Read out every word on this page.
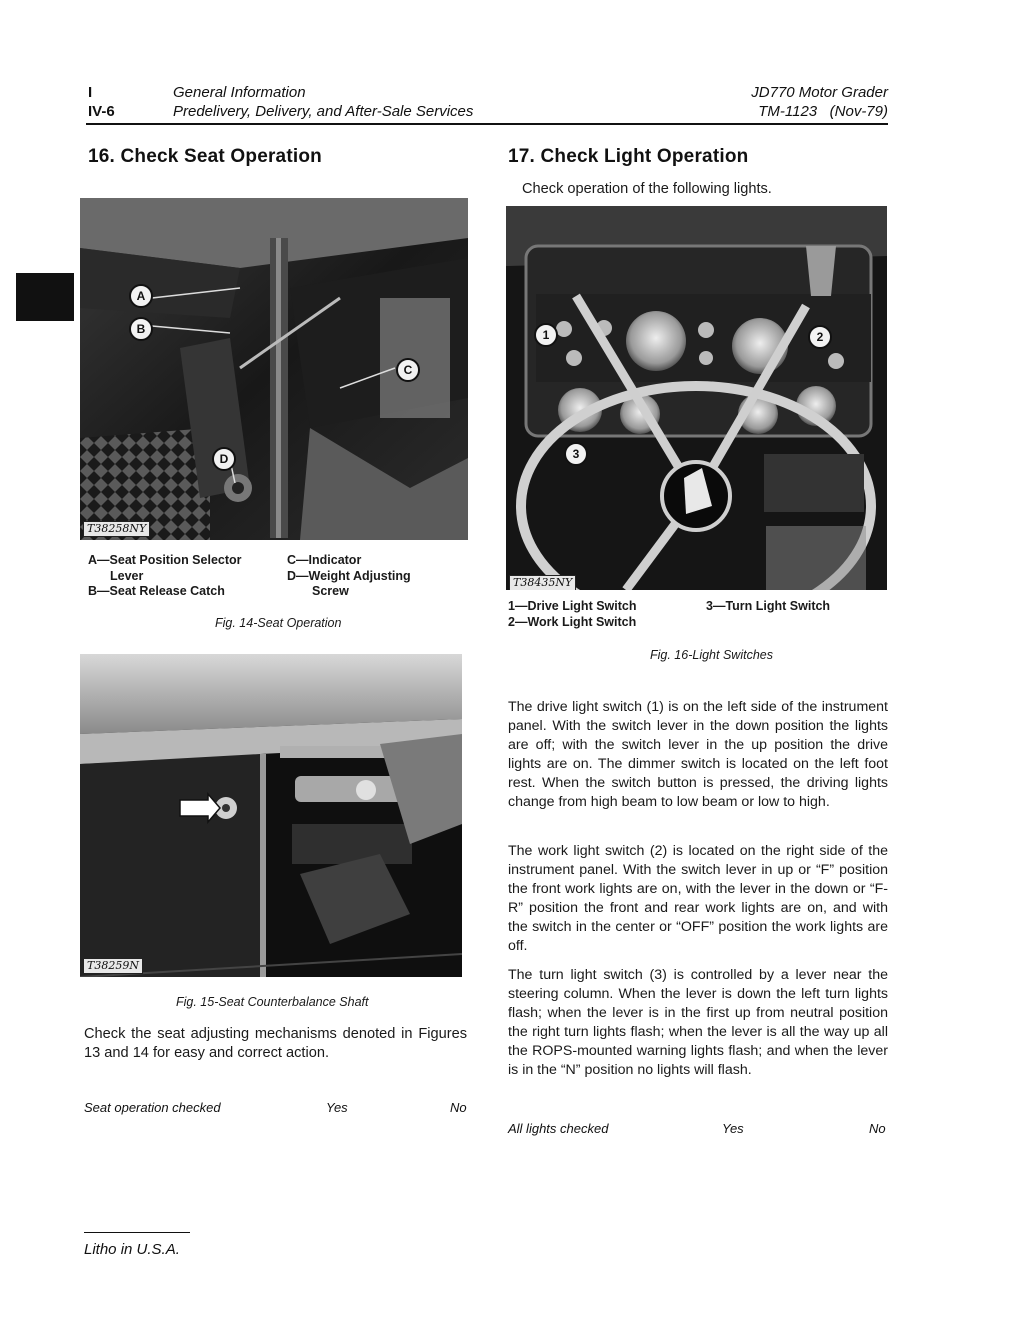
I
IV-6
General Information
Predelivery, Delivery, and After-Sale Services
JD770 Motor Grader
TM-1123   (Nov-79)
16. Check Seat Operation
A
B
C
D
T38258NY
A—Seat Position Selector
Lever
B—Seat Release Catch
C—Indicator
D—Weight Adjusting
Screw
Fig. 14-Seat Operation
T38259N
Fig. 15-Seat Counterbalance Shaft
Check the seat adjusting mechanisms denoted in Figures 13 and 14 for easy and correct action.
Seat operation checked	Yes	No
17. Check Light Operation
Check operation of the following lights.
1	2
3
T38435NY
1—Drive Light Switch
2—Work Light Switch
3—Turn Light Switch
Fig. 16-Light Switches
The drive light switch (1) is on the left side of the instrument panel. With the switch lever in the down position the lights are off; with the switch lever in the up position the drive lights are on. The dimmer switch is located on the left foot rest. When the switch button is pressed, the driving lights change from high beam to low beam or low to high.
The work light switch (2) is located on the right side of the instrument panel. With the switch lever in up or “F” position the front work lights are on, with the lever in the down or “F-R” position the front and rear work lights are on, and with the switch in the center or “OFF” position the work lights are off.
The turn light switch (3) is controlled by a lever near the steering column. When the lever is down the left turn lights flash; when the lever is in the first up from neutral position the right turn lights flash; when the lever is all the way up all the ROPS-mounted warning lights flash; and when the lever is in the “N” position no lights will flash.
All lights checked	Yes	No
Litho in U.S.A.
